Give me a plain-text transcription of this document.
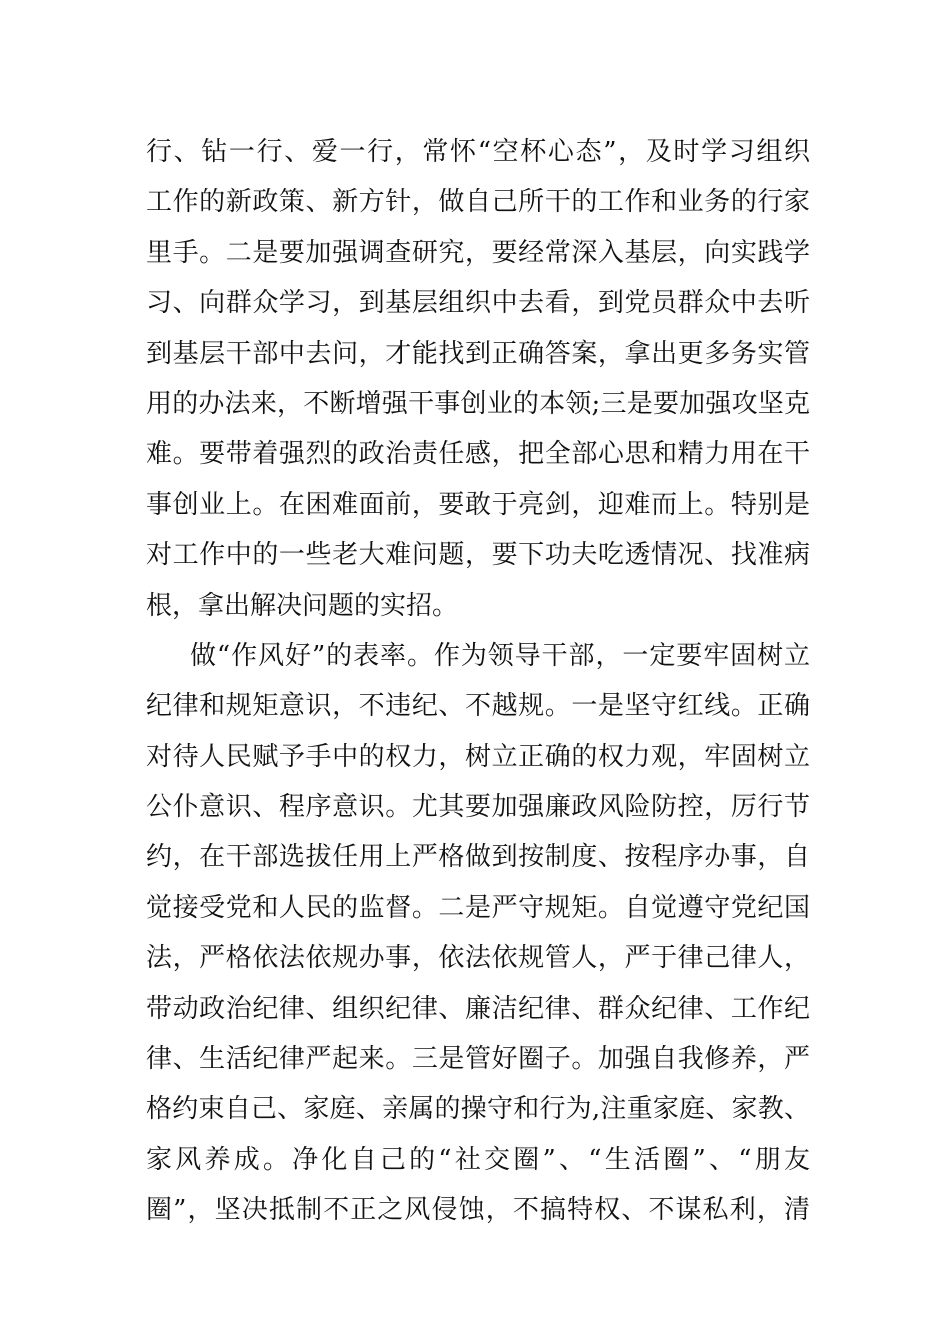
行、钻一行、爱一行，常怀“空杯心态”，及时学习组织
工作的新政策、新方针，做自己所干的工作和业务的行家
里手。二是要加强调查研究，要经常深入基层，向实践学
习、向群众学习，到基层组织中去看，到党员群众中去听
到基层干部中去问，才能找到正确答案，拿出更多务实管
用的办法来，不断增强干事创业的本领;三是要加强攻坚克
难。要带着强烈的政治责任感，把全部心思和精力用在干
事创业上。在困难面前，要敢于亮剑，迎难而上。特别是
对工作中的一些老大难问题，要下功夫吃透情况、找准病
根，拿出解决问题的实招。
做“作风好”的表率。作为领导干部，一定要牢固树立
纪律和规矩意识，不违纪、不越规。一是坚守红线。正确
对待人民赋予手中的权力，树立正确的权力观，牢固树立
公仆意识、程序意识。尤其要加强廉政风险防控，厉行节
约，在干部选拔任用上严格做到按制度、按程序办事，自
觉接受党和人民的监督。二是严守规矩。自觉遵守党纪国
法，严格依法依规办事，依法依规管人，严于律己律人，
带动政治纪律、组织纪律、廉洁纪律、群众纪律、工作纪
律、生活纪律严起来。三是管好圈子。加强自我修养，严
格约束自己、家庭、亲属的操守和行为,注重家庭、家教、
家风养成。净化自己的“社交圈”、“生活圈”、“朋友
圈”，坚决抵制不正之风侵蚀，不搞特权、不谋私利，清
